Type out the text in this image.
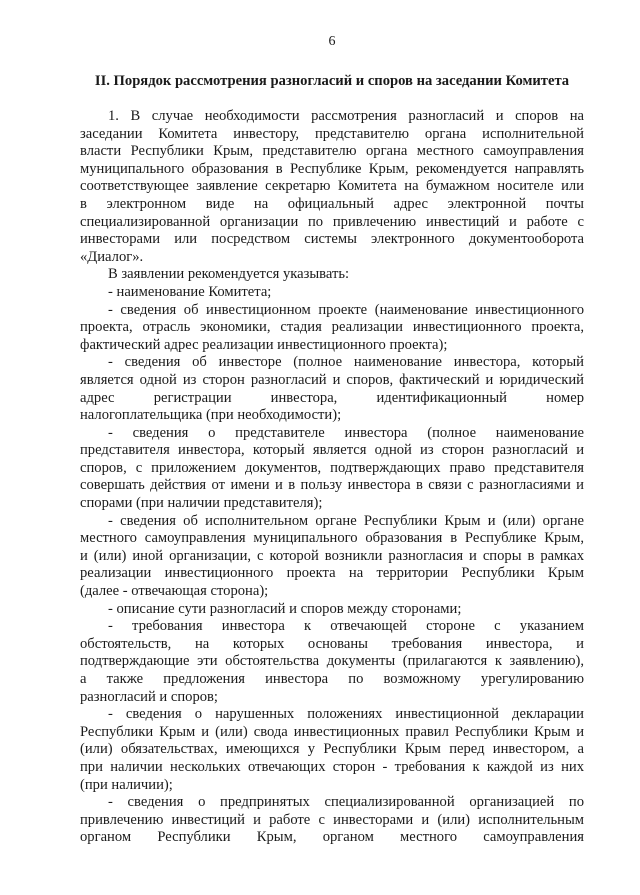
6
II. Порядок рассмотрения разногласий и споров на заседании Комитета
1. В случае необходимости рассмотрения разногласий и споров на
заседании Комитета инвестору, представителю органа исполнительной
власти Республики Крым, представителю органа местного самоуправления
муниципального образования в Республике Крым, рекомендуется направлять
соответствующее заявление секретарю Комитета на бумажном носителе или
в электронном виде на официальный адрес электронной почты
специализированной организации по привлечению инвестиций и работе с
инвесторами или посредством системы электронного документооборота
«Диалог».
В заявлении рекомендуется указывать:
- наименование Комитета;
- сведения об инвестиционном проекте (наименование инвестиционного
проекта, отрасль экономики, стадия реализации инвестиционного проекта,
фактический адрес реализации инвестиционного проекта);
- сведения об инвесторе (полное наименование инвестора, который
является одной из сторон разногласий и споров, фактический и юридический
адрес регистрации инвестора, идентификационный номер
налогоплательщика (при необходимости);
- сведения о представителе инвестора (полное наименование
представителя инвестора, который является одной из сторон разногласий и
споров, с приложением документов, подтверждающих право представителя
совершать действия от имени и в пользу инвестора в связи с разногласиями и
спорами (при наличии представителя);
- сведения об исполнительном органе Республики Крым и (или) органе
местного самоуправления муниципального образования в Республике Крым,
и (или) иной организации, с которой возникли разногласия и споры в рамках
реализации инвестиционного проекта на территории Республики Крым
(далее - отвечающая сторона);
- описание сути разногласий и споров между сторонами;
- требования инвестора к отвечающей стороне с указанием
обстоятельств, на которых основаны требования инвестора, и
подтверждающие эти обстоятельства документы (прилагаются к заявлению),
а также предложения инвестора по возможному урегулированию
разногласий и споров;
- сведения о нарушенных положениях инвестиционной декларации
Республики Крым и (или) свода инвестиционных правил Республики Крым и
(или) обязательствах, имеющихся у Республики Крым перед инвестором, а
при наличии нескольких отвечающих сторон - требования к каждой из них
(при наличии);
- сведения о предпринятых специализированной организацией по
привлечению инвестиций и работе с инвесторами и (или) исполнительным
органом Республики Крым, органом местного самоуправления
